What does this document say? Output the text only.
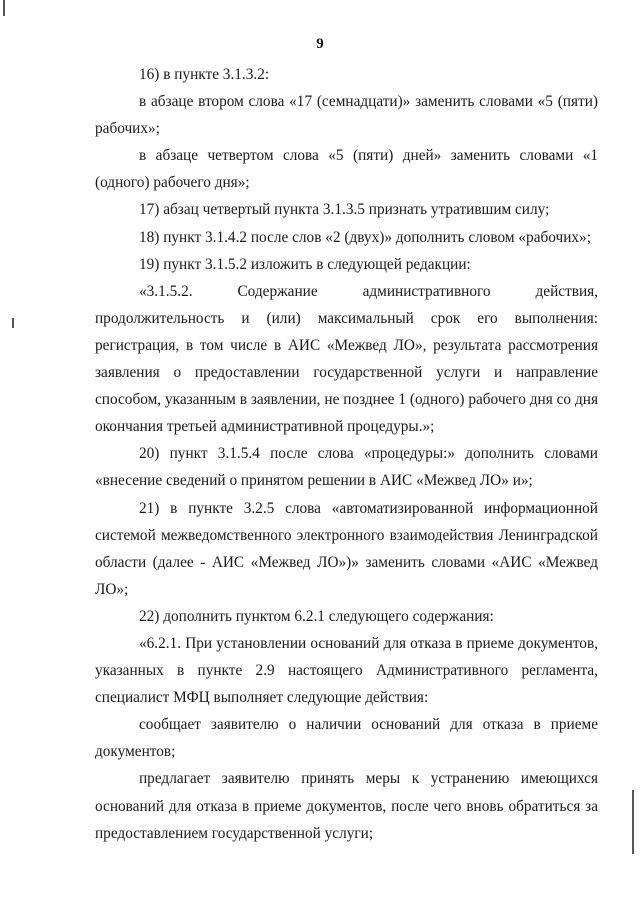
9

16) в пункте 3.1.3.2:

в абзаце втором слова «17 (семнадцати)» заменить словами «5 (пяти) рабочих»;

в абзаце четвертом слова «5 (пяти) дней» заменить словами «1 (одного) рабочего дня»;

17) абзац четвертый пункта 3.1.3.5 признать утратившим силу;

18) пункт 3.1.4.2 после слов «2 (двух)» дополнить словом «рабочих»;

19) пункт 3.1.5.2 изложить в следующей редакции:

«3.1.5.2. Содержание административного действия, продолжительность и (или) максимальный срок его выполнения: регистрация, в том числе в АИС «Межвед ЛО», результата рассмотрения заявления о предоставлении государственной услуги и направление способом, указанным в заявлении, не позднее 1 (одного) рабочего дня со дня окончания третьей административной процедуры.»;

20) пункт 3.1.5.4 после слова «процедуры:» дополнить словами «внесение сведений о принятом решении в АИС «Межвед ЛО» и»;

21) в пункте 3.2.5 слова «автоматизированной информационной системой межведомственного электронного взаимодействия Ленинградской области (далее - АИС «Межвед ЛО»)» заменить словами «АИС «Межвед ЛО»;

22) дополнить пунктом 6.2.1 следующего содержания:

«6.2.1. При установлении оснований для отказа в приеме документов, указанных в пункте 2.9 настоящего Административного регламента, специалист МФЦ выполняет следующие действия:

сообщает заявителю о наличии оснований для отказа в приеме документов;

предлагает заявителю принять меры к устранению имеющихся оснований для отказа в приеме документов, после чего вновь обратиться за предоставлением государственной услуги;
